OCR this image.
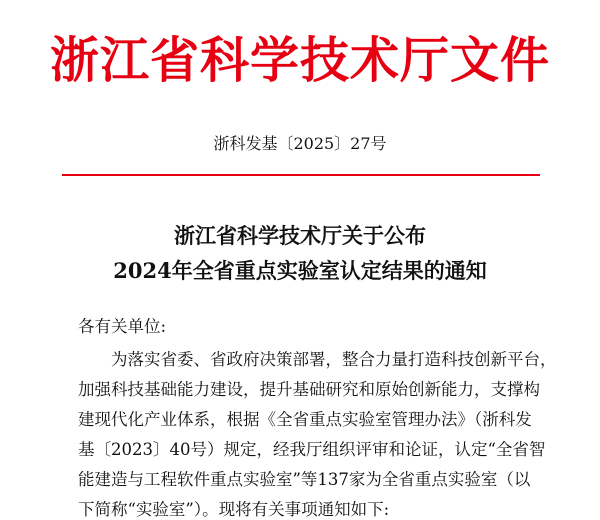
浙江省科学技术厅文件
浙科发基〔2025〕27号
浙江省科学技术厅关于公布
2024年全省重点实验室认定结果的通知
各有关单位:
　　为落实省委、省政府决策部署，整合力量打造科技创新平台，
加强科技基础能力建设，提升基础研究和原始创新能力，支撑构
建现代化产业体系，根据《全省重点实验室管理办法》（浙科发
基〔2023〕40号）规定，经我厅组织评审和论证，认定“全省智
能建造与工程软件重点实验室”等137家为全省重点实验室（以
下简称“实验室”）。现将有关事项通知如下:
